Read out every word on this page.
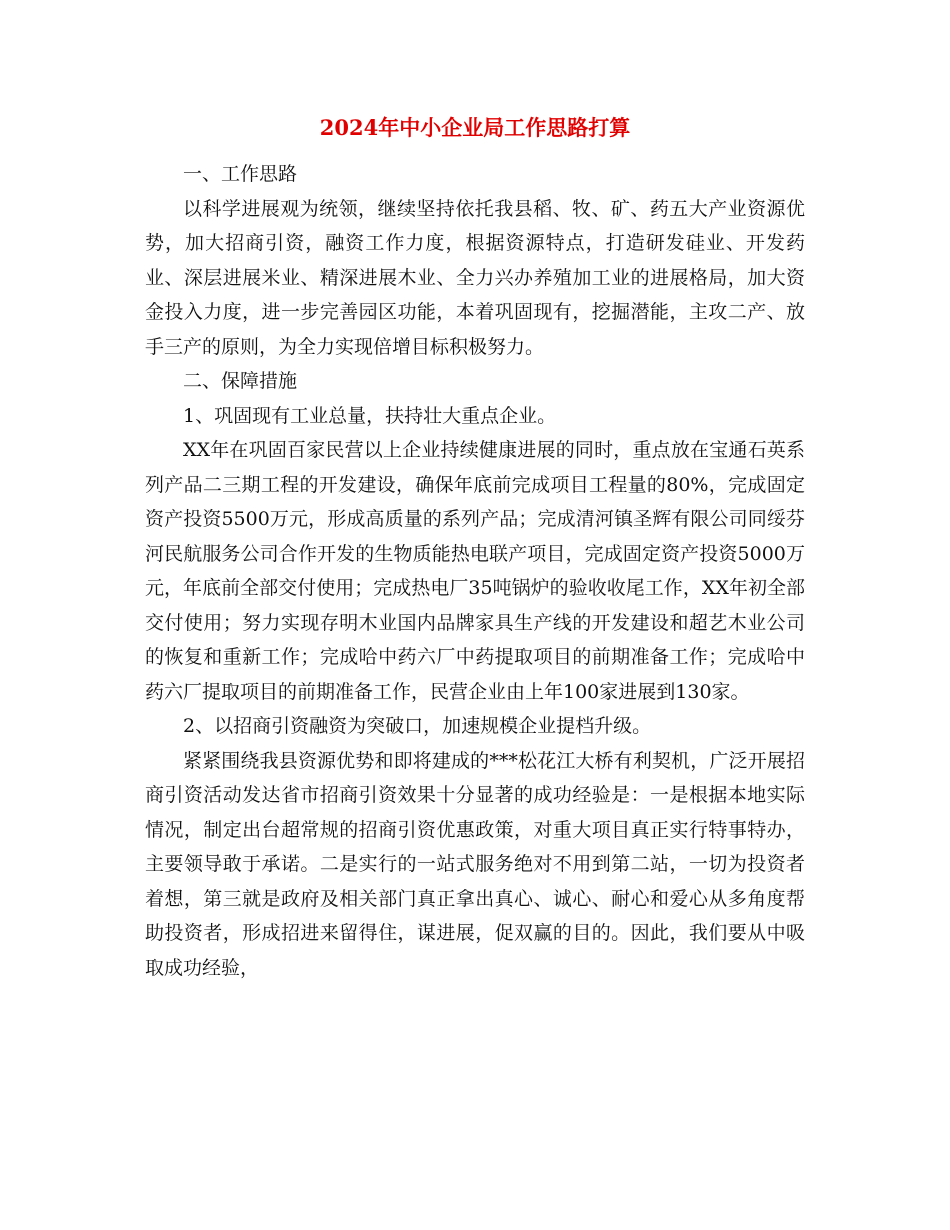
2024年中小企业局工作思路打算

一、工作思路

以科学进展观为统领，继续坚持依托我县稻、牧、矿、药五大产业资源优势，加大招商引资，融资工作力度，根据资源特点，打造研发硅业、开发药业、深层进展米业、精深进展木业、全力兴办养殖加工业的进展格局，加大资金投入力度，进一步完善园区功能，本着巩固现有，挖掘潜能，主攻二产、放手三产的原则，为全力实现倍增目标积极努力。

二、保障措施

1、巩固现有工业总量，扶持壮大重点企业。

XX年在巩固百家民营以上企业持续健康进展的同时，重点放在宝通石英系列产品二三期工程的开发建设，确保年底前完成项目工程量的80%，完成固定资产投资5500万元，形成高质量的系列产品；完成清河镇圣辉有限公司同绥芬河民航服务公司合作开发的生物质能热电联产项目，完成固定资产投资5000万元，年底前全部交付使用；完成热电厂35吨锅炉的验收收尾工作，XX年初全部交付使用；努力实现存明木业国内品牌家具生产线的开发建设和超艺木业公司的恢复和重新工作；完成哈中药六厂中药提取项目的前期准备工作；完成哈中药六厂提取项目的前期准备工作，民营企业由上年100家进展到130家。

2、以招商引资融资为突破口，加速规模企业提档升级。

紧紧围绕我县资源优势和即将建成的***松花江大桥有利契机，广泛开展招商引资活动发达省市招商引资效果十分显著的成功经验是：一是根据本地实际情况，制定出台超常规的招商引资优惠政策，对重大项目真正实行特事特办，主要领导敢于承诺。二是实行的一站式服务绝对不用到第二站，一切为投资者着想，第三就是政府及相关部门真正拿出真心、诚心、耐心和爱心从多角度帮助投资者，形成招进来留得住，谋进展，促双赢的目的。因此，我们要从中吸取成功经验，
